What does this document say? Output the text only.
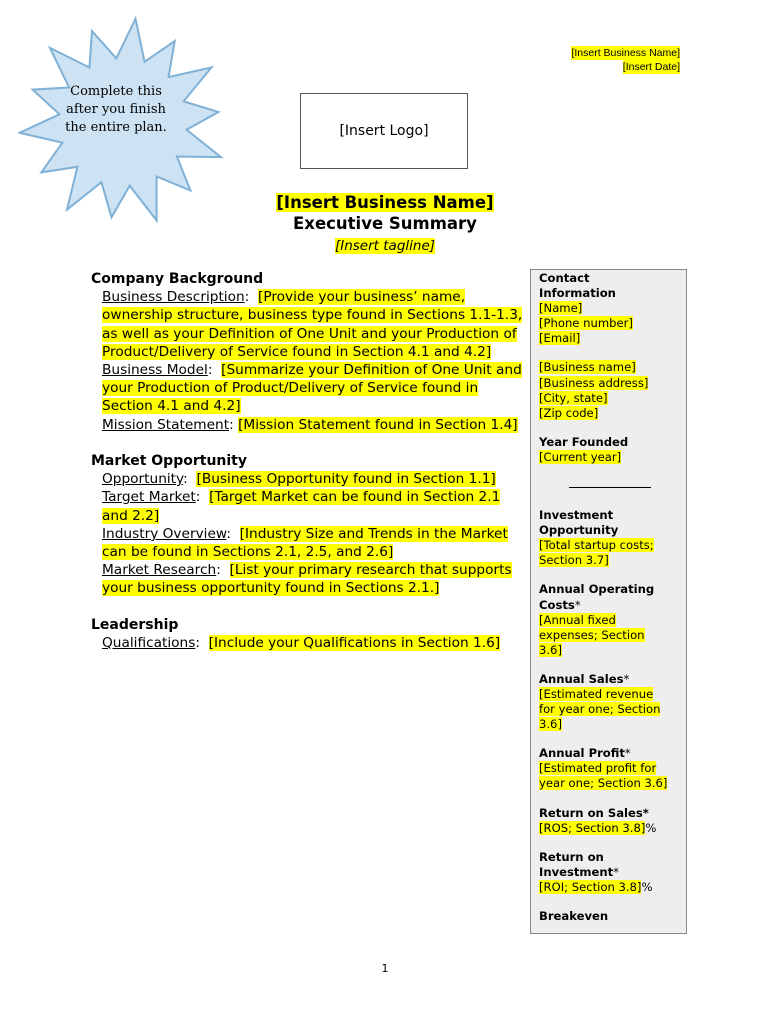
Complete this
after you finish
the entire plan.
[Insert Business Name]
[Insert Date]
[Insert Logo]
[Insert Business Name]
Executive Summary
[Insert tagline]
Company Background
Business Description: [Provide your business’ name, ownership structure, business type found in Sections 1.1-1.3, as well as your Definition of One Unit and your Production of Product/Delivery of Service found in Section 4.1 and 4.2]
Business Model: [Summarize your Definition of One Unit and your Production of Product/Delivery of Service found in Section 4.1 and 4.2]
Mission Statement: [Mission Statement found in Section 1.4]
Market Opportunity
Opportunity: [Business Opportunity found in Section 1.1]
Target Market: [Target Market can be found in Section 2.1 and 2.2]
Industry Overview: [Industry Size and Trends in the Market can be found in Sections 2.1, 2.5, and 2.6]
Market Research: [List your primary research that supports your business opportunity found in Sections 2.1.]
Leadership
Qualifications: [Include your Qualifications in Section 1.6]
Contact
Information
[Name]
[Phone number]
[Email]
[Business name]
[Business address]
[City, state]
[Zip code]
Year Founded
[Current year]
Investment
Opportunity
[Total startup costs;
Section 3.7]
Annual Operating
Costs*
[Annual fixed
expenses; Section
3.6]
Annual Sales*
[Estimated revenue
for year one; Section
3.6]
Annual Profit*
[Estimated profit for
year one; Section 3.6]
Return on Sales*
[ROS; Section 3.8]%
Return on
Investment*
[ROI; Section 3.8]%
Breakeven
1
